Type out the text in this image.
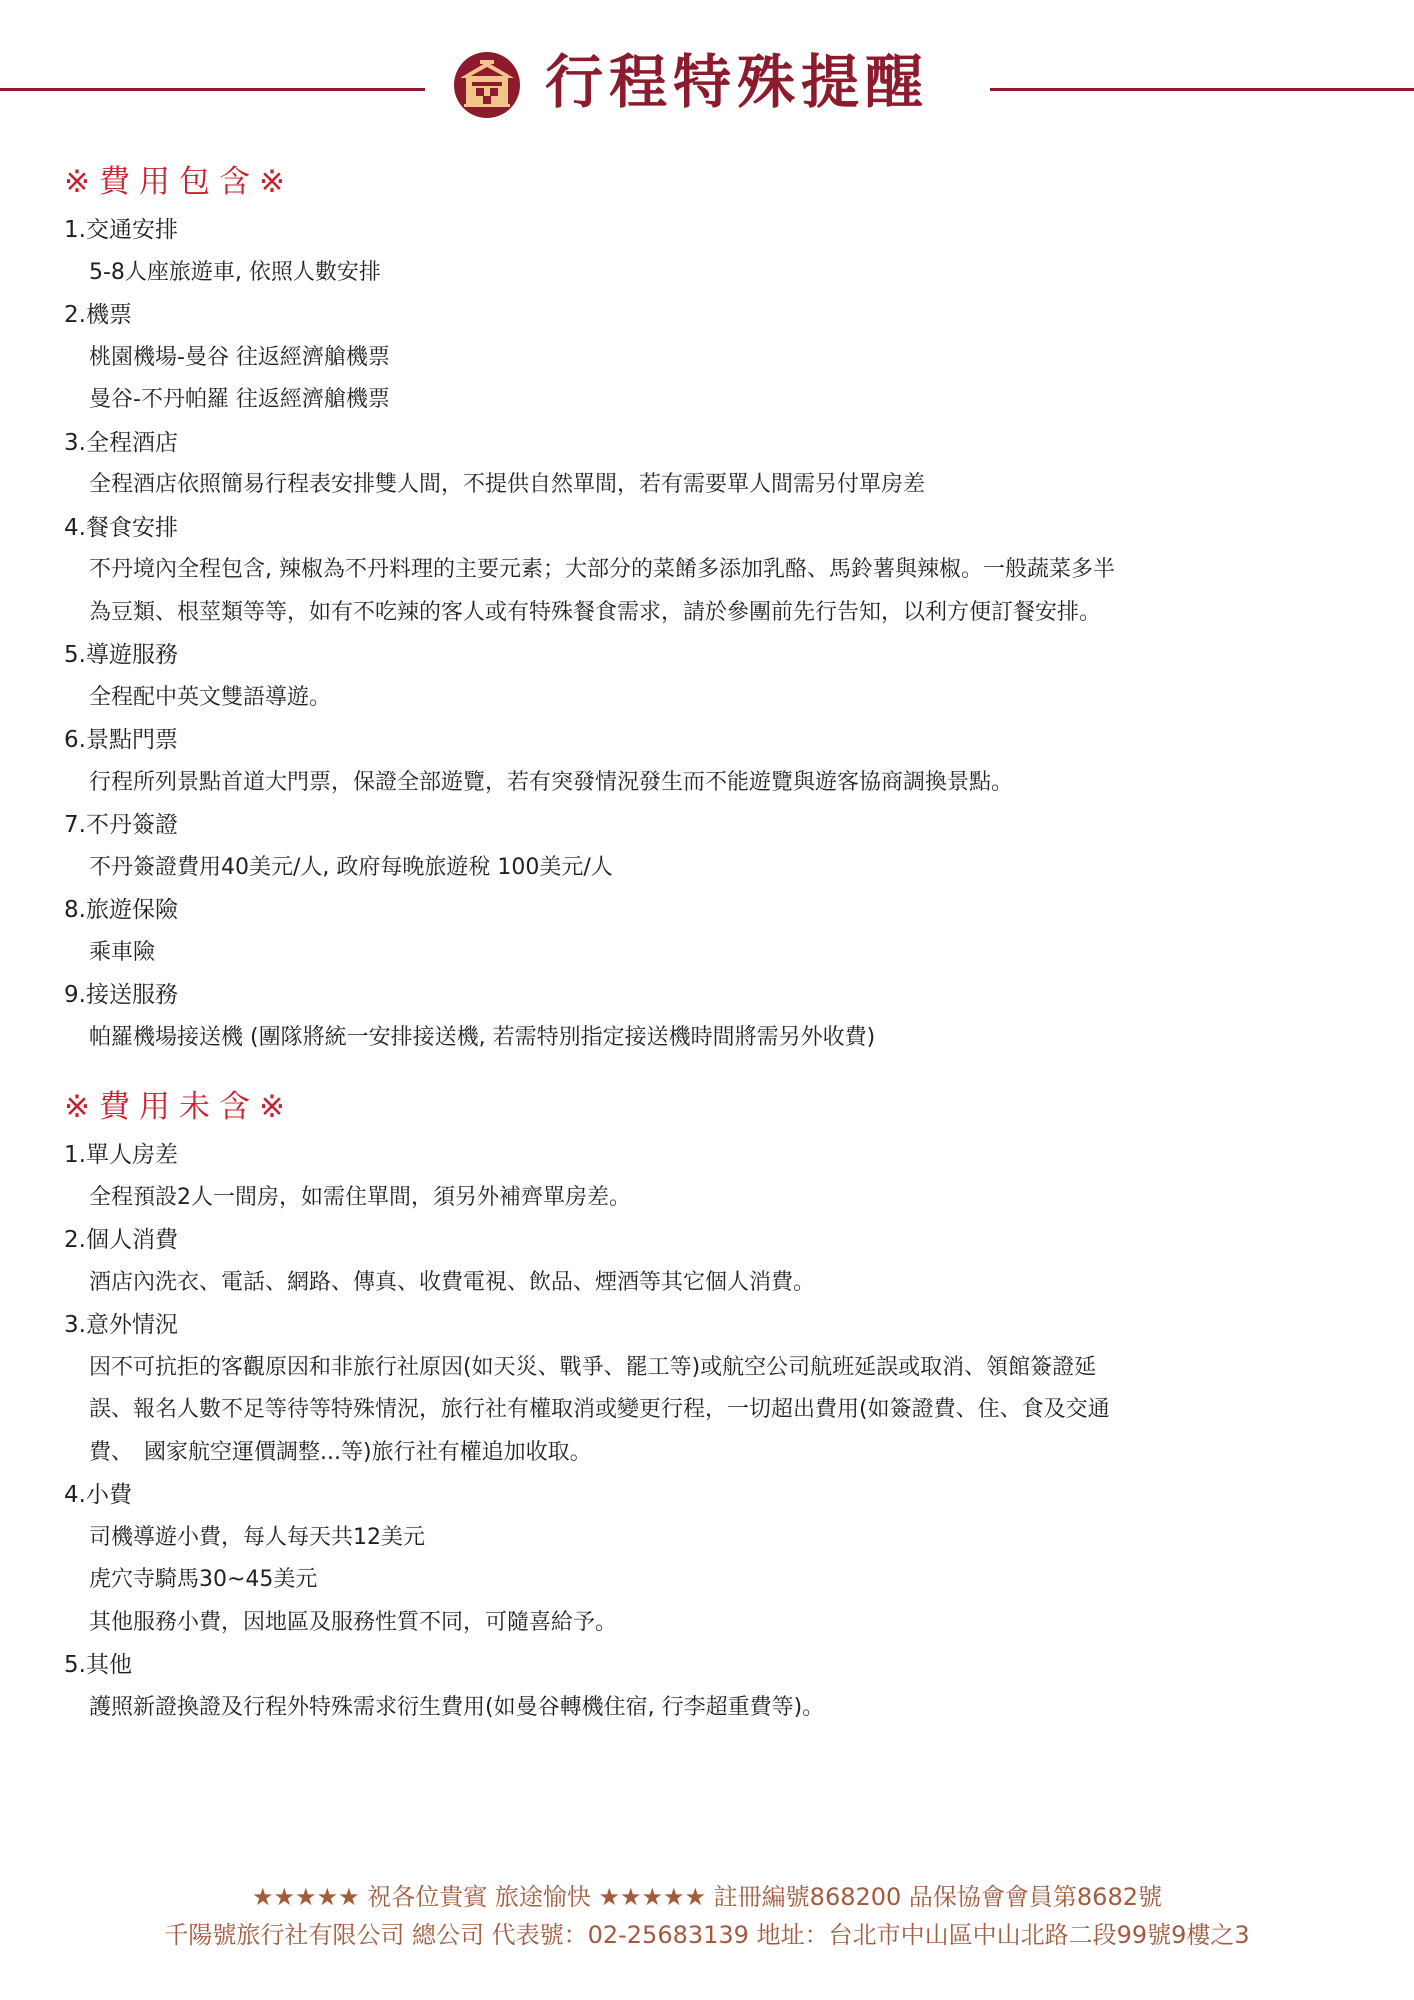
行程特殊提醒
※費用包含※
1.交通安排
5-8人座旅遊車, 依照人數安排
2.機票
桃園機場-曼谷 往返經濟艙機票
曼谷-不丹帕羅 往返經濟艙機票
3.全程酒店
全程酒店依照簡易行程表安排雙人間，不提供自然單間，若有需要單人間需另付單房差
4.餐食安排
不丹境內全程包含, 辣椒為不丹料理的主要元素；大部分的菜餚多添加乳酪、馬鈴薯與辣椒。一般蔬菜多半
為豆類、根莖類等等，如有不吃辣的客人或有特殊餐食需求，請於參團前先行告知，以利方便訂餐安排。
5.導遊服務
全程配中英文雙語導遊。
6.景點門票
行程所列景點首道大門票，保證全部遊覽，若有突發情況發生而不能遊覽與遊客協商調換景點。
7.不丹簽證
不丹簽證費用40美元/人, 政府每晚旅遊稅 100美元/人
8.旅遊保險
乘車險
9.接送服務
帕羅機場接送機 (團隊將統一安排接送機, 若需特別指定接送機時間將需另外收費)
※費用未含※
1.單人房差
全程預設2人一間房，如需住單間，須另外補齊單房差。
2.個人消費
酒店內洗衣、電話、網路、傳真、收費電視、飲品、煙酒等其它個人消費。
3.意外情況
因不可抗拒的客觀原因和非旅行社原因(如天災、戰爭、罷工等)或航空公司航班延誤或取消、領館簽證延
誤、報名人數不足等待等特殊情況，旅行社有權取消或變更行程，一切超出費用(如簽證費、住、食及交通
費、　國家航空運價調整...等)旅行社有權追加收取。
4.小費
司機導遊小費，每人每天共12美元
虎穴寺騎馬30~45美元
其他服務小費，因地區及服務性質不同，可隨喜給予。
5.其他
護照新證換證及行程外特殊需求衍生費用(如曼谷轉機住宿, 行李超重費等)。
★★★★★ 祝各位貴賓 旅途愉快 ★★★★★ 註冊編號868200 品保協會會員第8682號
千陽號旅行社有限公司 總公司 代表號：02-25683139 地址：台北市中山區中山北路二段99號9樓之3
